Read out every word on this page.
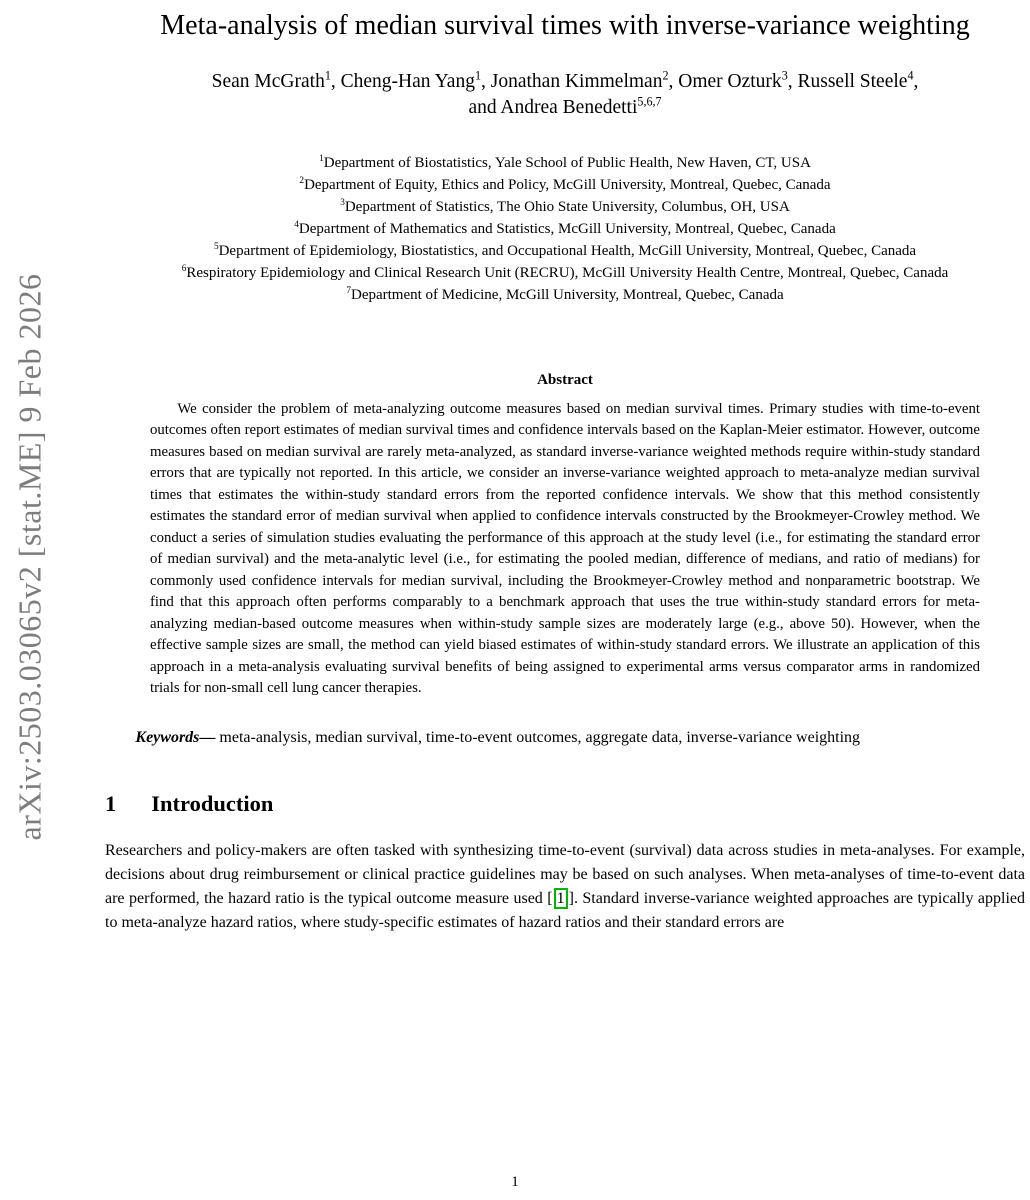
arXiv:2503.03065v2 [stat.ME] 9 Feb 2026
Meta-analysis of median survival times with inverse-variance weighting
Sean McGrath$^1$, Cheng-Han Yang$^1$, Jonathan Kimmelman$^2$, Omer Ozturk$^3$, Russell Steele$^4$, and Andrea Benedetti$^{5,6,7}$
$^1$Department of Biostatistics, Yale School of Public Health, New Haven, CT, USA
$^2$Department of Equity, Ethics and Policy, McGill University, Montreal, Quebec, Canada
$^3$Department of Statistics, The Ohio State University, Columbus, OH, USA
$^4$Department of Mathematics and Statistics, McGill University, Montreal, Quebec, Canada
$^5$Department of Epidemiology, Biostatistics, and Occupational Health, McGill University, Montreal, Quebec, Canada
$^6$Respiratory Epidemiology and Clinical Research Unit (RECRU), McGill University Health Centre, Montreal, Quebec, Canada
$^7$Department of Medicine, McGill University, Montreal, Quebec, Canada
Abstract

We consider the problem of meta-analyzing outcome measures based on median survival times. Primary studies with time-to-event outcomes often report estimates of median survival times and confidence intervals based on the Kaplan-Meier estimator. However, outcome measures based on median survival are rarely meta-analyzed, as standard inverse-variance weighted methods require within-study standard errors that are typically not reported. In this article, we consider an inverse-variance weighted approach to meta-analyze median survival times that estimates the within-study standard errors from the reported confidence intervals. We show that this method consistently estimates the standard error of median survival when applied to confidence intervals constructed by the Brookmeyer-Crowley method. We conduct a series of simulation studies evaluating the performance of this approach at the study level (i.e., for estimating the standard error of median survival) and the meta-analytic level (i.e., for estimating the pooled median, difference of medians, and ratio of medians) for commonly used confidence intervals for median survival, including the Brookmeyer-Crowley method and nonparametric bootstrap. We find that this approach often performs comparably to a benchmark approach that uses the true within-study standard errors for meta-analyzing median-based outcome measures when within-study sample sizes are moderately large (e.g., above 50). However, when the effective sample sizes are small, the method can yield biased estimates of within-study standard errors. We illustrate an application of this approach in a meta-analysis evaluating survival benefits of being assigned to experimental arms versus comparator arms in randomized trials for non-small cell lung cancer therapies.

Keywords— meta-analysis, median survival, time-to-event outcomes, aggregate data, inverse-variance weighting

1 Introduction

Researchers and policy-makers are often tasked with synthesizing time-to-event (survival) data across studies in meta-analyses. For example, decisions about drug reimbursement or clinical practice guidelines may be based on such analyses. When meta-analyses of time-to-event data are performed, the hazard ratio is the typical outcome measure used [ 1 ]. Standard inverse-variance weighted approaches are typically applied to meta-analyze hazard ratios, where study-specific estimates of hazard ratios and their standard errors are

1
